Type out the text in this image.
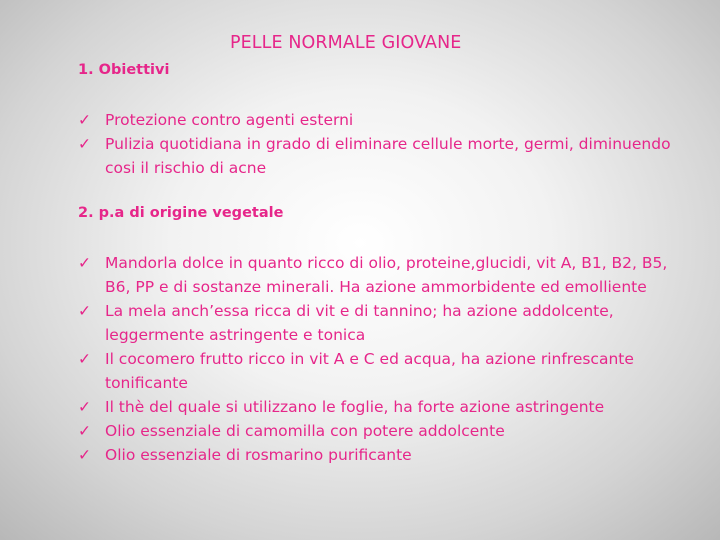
PELLE NORMALE GIOVANE
1. Obiettivi
✓ Protezione contro agenti esterni
✓ Pulizia quotidiana in grado di eliminare cellule morte, germi, diminuendo cosi il rischio di acne
2. p.a di origine vegetale
✓ Mandorla dolce in quanto ricco di olio, proteine,glucidi, vit A, B1, B2, B5, B6, PP e di sostanze minerali. Ha azione ammorbidente ed emolliente
✓ La mela anch’essa ricca di vit e di tannino; ha azione addolcente, leggermente astringente e tonica
✓ Il cocomero frutto ricco in vit A e C ed acqua, ha azione rinfrescante tonificante
✓ Il thè del quale si utilizzano le foglie, ha forte azione astringente
✓ Olio essenziale di camomilla con potere addolcente
✓ Olio essenziale di rosmarino purificante
